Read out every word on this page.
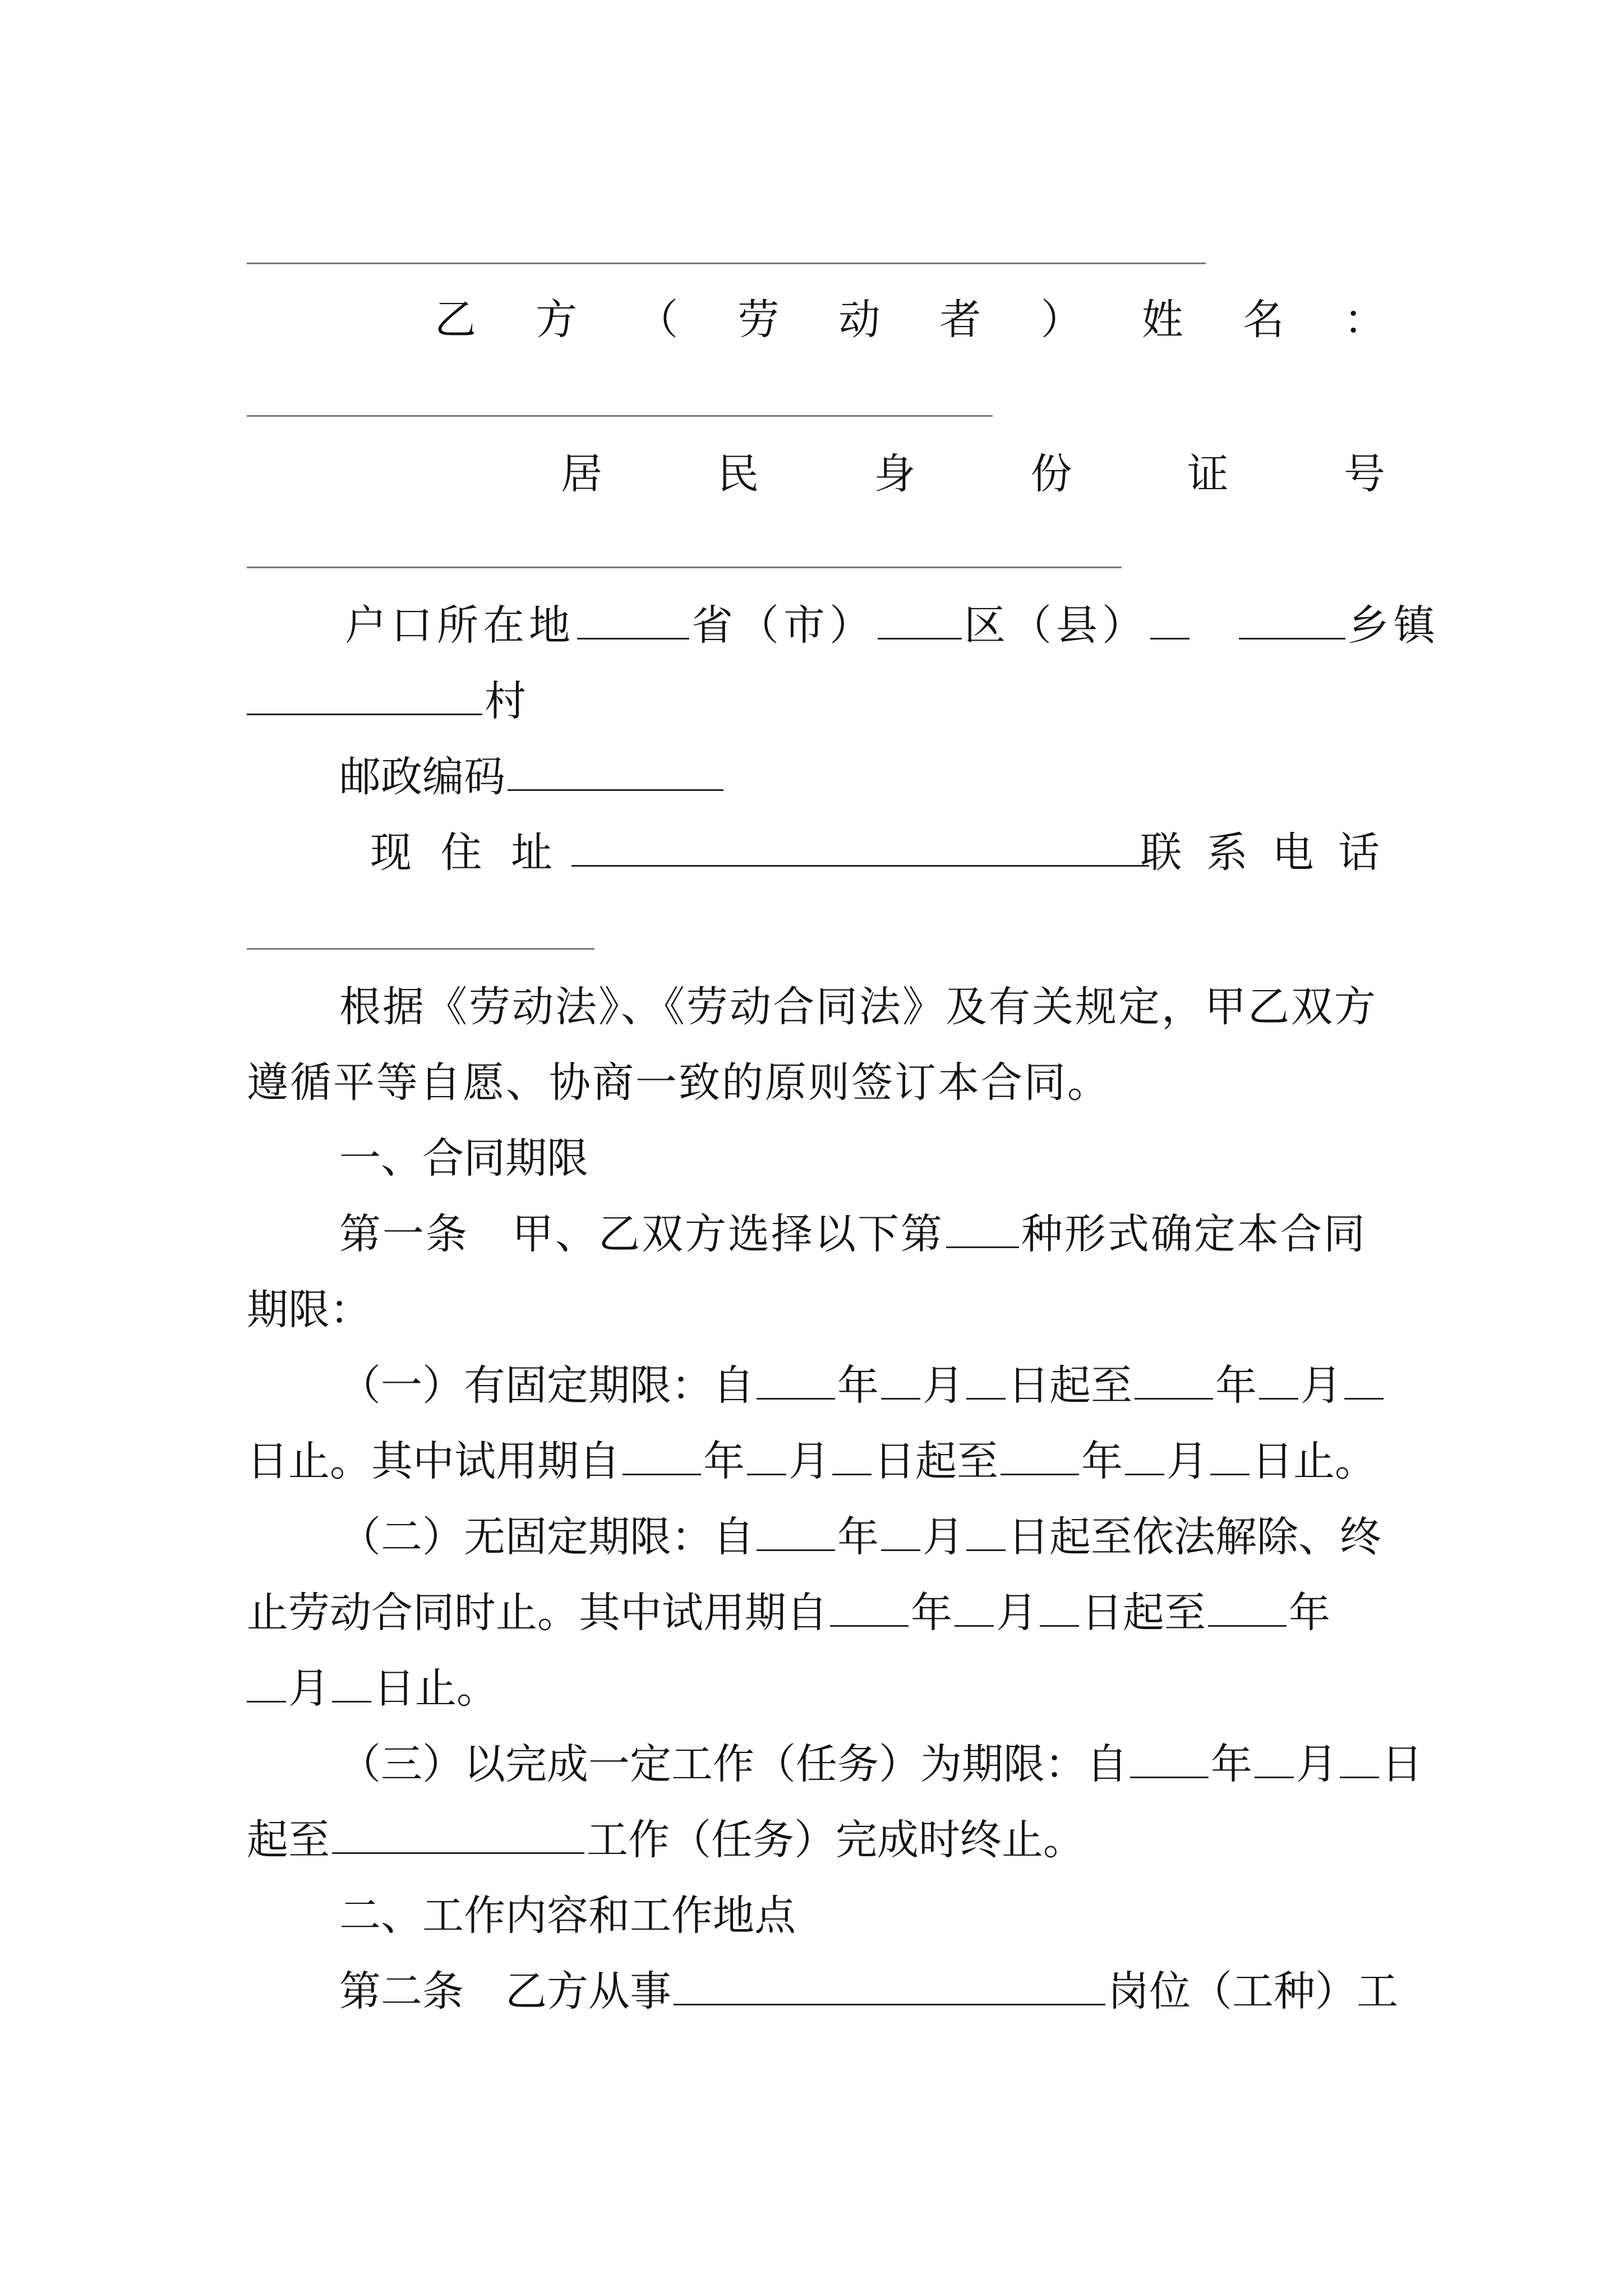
乙 方 （ 劳 动 者 ） 姓 名 ：
居	民	身	份	证	号
户口所在地	省（市） 区（县）	乡镇
村
邮政编码
现 住 址	联 系 电 话
根据《劳动法》、《劳动合同法》及有关规定，甲乙双方
遵循平等自愿、协商一致的原则签订本合同。
一、合同期限
第一条　甲、乙双方选择以下第 种形式确定本合同
期限：
（一）有固定期限：自 年 月 日起至 年 月
日止。其中试用期自 年 月 日起至 年 月 日止。
（二）无固定期限：自 年 月 日起至依法解除、终
止劳动合同时止。其中试用期自 年 月 日起至 年
月 日止。
（三）以完成一定工作（任务）为期限：自 年 月 日
起至	工作（任务）完成时终止。
二、工作内容和工作地点
第二条　乙方从事	岗位（工种）工
